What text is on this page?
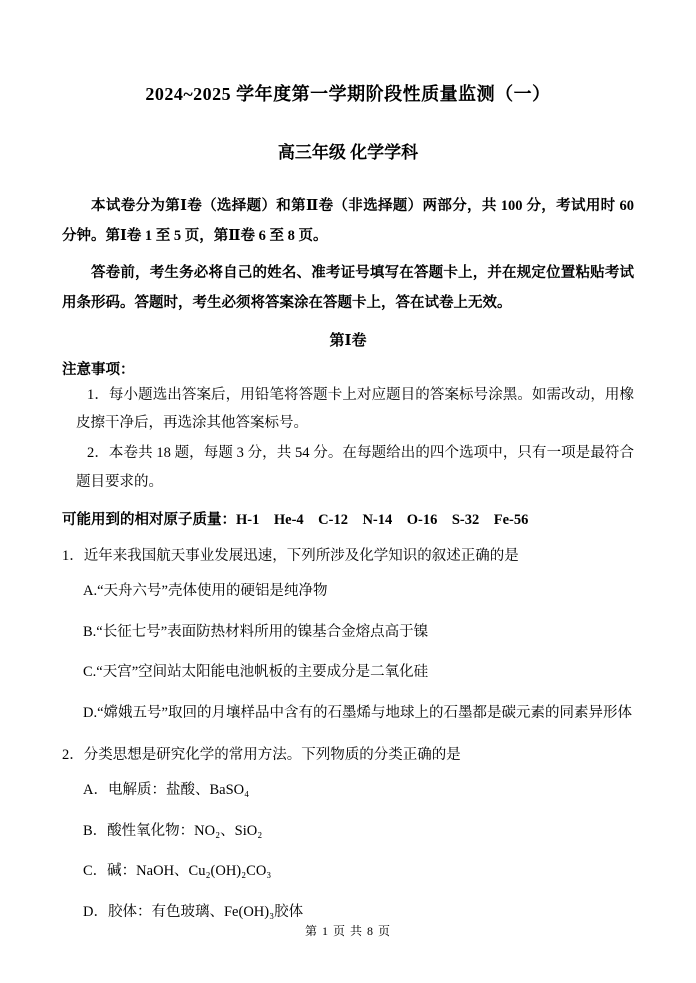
2024~2025 学年度第一学期阶段性质量监测（一）
高三年级 化学学科

本试卷分为第Ⅰ卷（选择题）和第Ⅱ卷（非选择题）两部分，共 100 分，考试用时 60分钟。第Ⅰ卷 1 至 5 页，第Ⅱ卷 6 至 8 页。

答卷前，考生务必将自己的姓名、准考证号填写在答题卡上，并在规定位置粘贴考试用条形码。答题时，考生必须将答案涂在答题卡上，答在试卷上无效。

第Ⅰ卷

注意事项：

1．每小题选出答案后，用铅笔将答题卡上对应题目的答案标号涂黑。如需改动，用橡皮擦干净后，再选涂其他答案标号。

2．本卷共 18 题，每题 3 分，共 54 分。在每题给出的四个选项中，只有一项是最符合题目要求的。

可能用到的相对原子质量：H-1    He-4    C-12    N-14    O-16    S-32    Fe-56

1．近年来我国航天事业发展迅速，下列所涉及化学知识的叙述正确的是

A.“天舟六号”壳体使用的硬铝是纯净物

B.“长征七号”表面防热材料所用的镍基合金熔点高于镍

C.“天宫”空间站太阳能电池帆板的主要成分是二氧化硅

D.“嫦娥五号”取回的月壤样品中含有的石墨烯与地球上的石墨都是碳元素的同素异形体

2．分类思想是研究化学的常用方法。下列物质的分类正确的是

A．电解质：盐酸、BaSO₄

B．酸性氧化物：NO₂、SiO₂

C．碱：NaOH、Cu₂(OH)₂CO₃

D．胶体：有色玻璃、Fe(OH)₃胶体

第 1 页 共 8 页
